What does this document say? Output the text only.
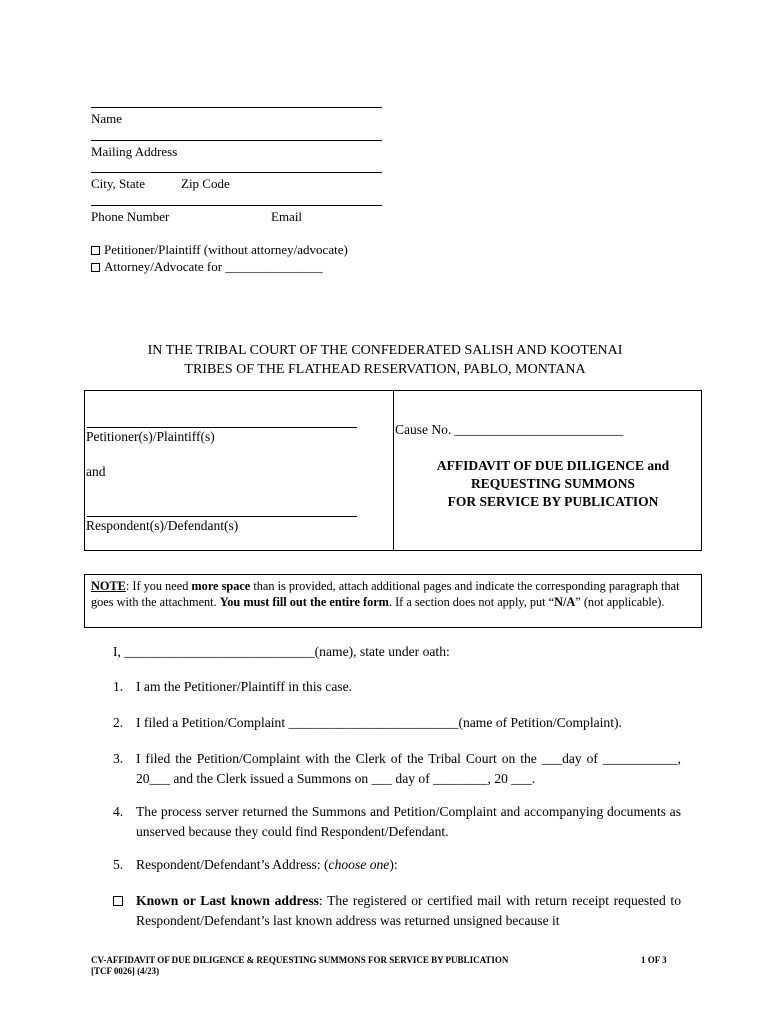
Name
Mailing Address
City, State	Zip Code
Phone Number	Email
Petitioner/Plaintiff (without attorney/advocate)
Attorney/Advocate for _______________
IN THE TRIBAL COURT OF THE CONFEDERATED SALISH AND KOOTENAI
TRIBES OF THE FLATHEAD RESERVATION, PABLO, MONTANA
Petitioner(s)/Plaintiff(s)
and
Respondent(s)/Defendant(s)
Cause No. _________________________
AFFIDAVIT OF DUE DILIGENCE and
REQUESTING SUMMONS
FOR SERVICE BY PUBLICATION
NOTE: If you need more space than is provided, attach additional pages and indicate the corresponding paragraph that goes with the attachment. You must fill out the entire form. If a section does not apply, put “N/A” (not applicable).
I, ____________________________(name), state under oath:
1. I am the Petitioner/Plaintiff in this case.
2. I filed a Petition/Complaint _________________________(name of Petition/Complaint).
3. I filed the Petition/Complaint with the Clerk of the Tribal Court on the ___day of ___________, 20___ and the Clerk issued a Summons on ___ day of ________, 20 ___.
4. The process server returned the Summons and Petition/Complaint and accompanying documents as unserved because they could find Respondent/Defendant.
5. Respondent/Defendant’s Address: (choose one):
Known or Last known address: The registered or certified mail with return receipt requested to Respondent/Defendant’s last known address was returned unsigned because it
CV-AFFIDAVIT OF DUE DILIGENCE & REQUESTING SUMMONS FOR SERVICE BY PUBLICATION
[TCF 0026] (4/23)
1 OF 3
